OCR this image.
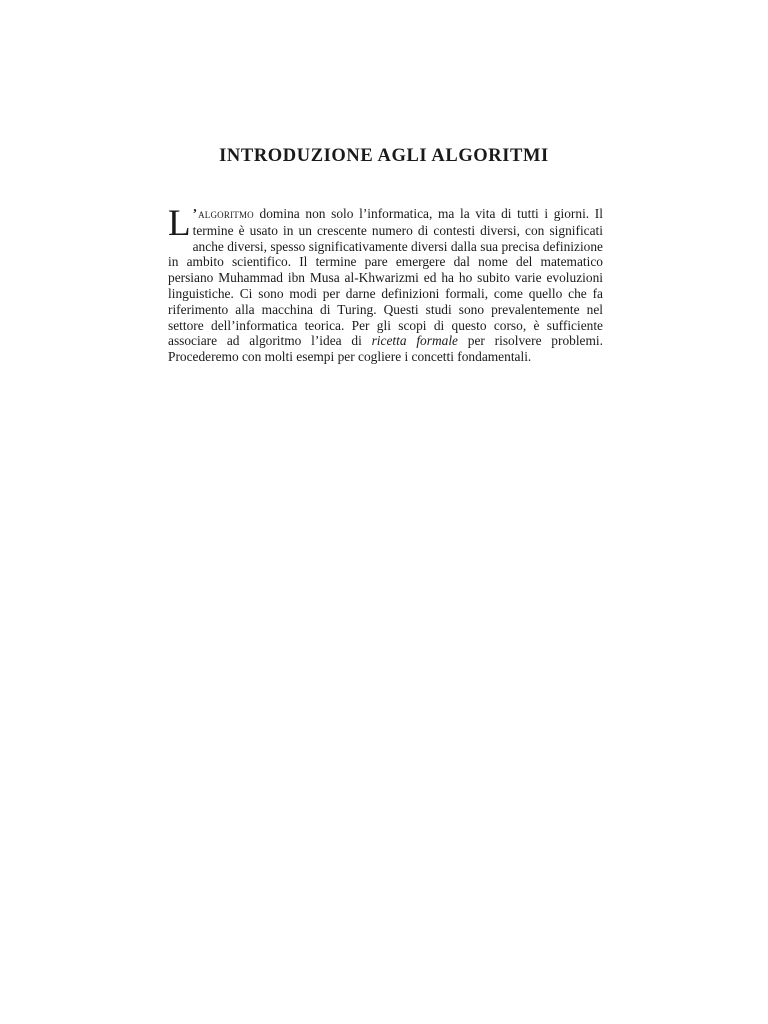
INTRODUZIONE AGLI ALGORITMI

L ’algoritmo domina non solo l’informatica, ma la vita di tutti i giorni. Il termine è usato in un crescente numero di contesti diversi, con significati anche diversi, spesso significativamente diversi dalla sua precisa definizione in ambito scientifico. Il termine pare emergere dal nome del matematico persiano Muhammad ibn Musa al-Khwarizmi ed ha ho subito varie evoluzioni linguistiche. Ci sono modi per darne definizioni formali, come quello che fa riferimento alla macchina di Turing. Questi studi sono prevalentemente nel settore dell’informatica teorica. Per gli scopi di questo corso, è sufficiente associare ad algoritmo l’idea di ricetta formale per risolvere problemi. Procederemo con molti esempi per cogliere i concetti fondamentali.
